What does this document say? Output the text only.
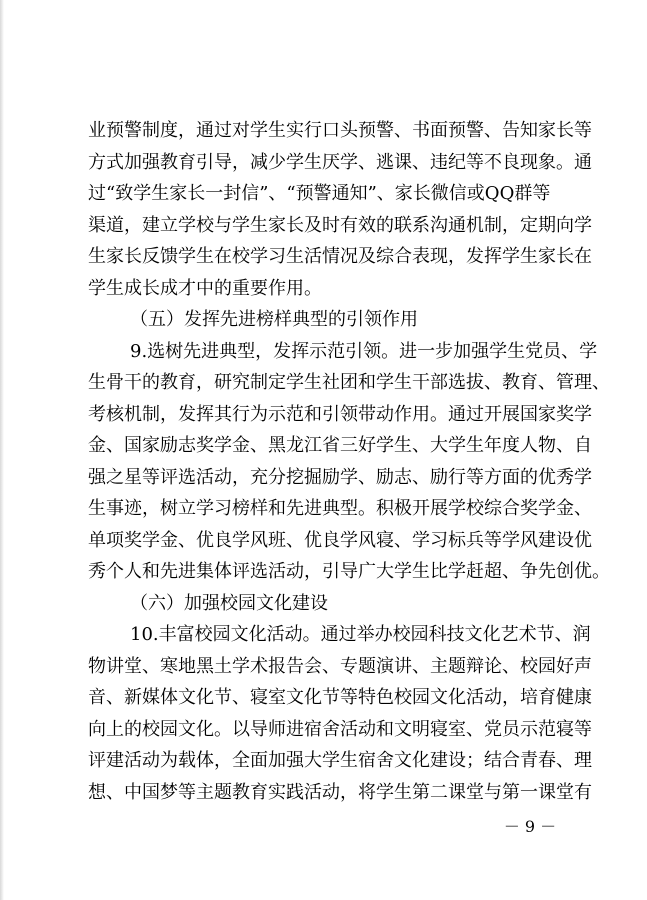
业预警制度，通过对学生实行口头预警、书面预警、告知家长等
方式加强教育引导，减少学生厌学、逃课、违纪等不良现象。通
过“致学生家长一封信”、“预警通知”、家长微信或QQ群等
渠道，建立学校与学生家长及时有效的联系沟通机制，定期向学
生家长反馈学生在校学习生活情况及综合表现，发挥学生家长在
学生成长成才中的重要作用。
（五）发挥先进榜样典型的引领作用
9.选树先进典型，发挥示范引领。进一步加强学生党员、学
生骨干的教育，研究制定学生社团和学生干部选拔、教育、管理、
考核机制，发挥其行为示范和引领带动作用。通过开展国家奖学
金、国家励志奖学金、黑龙江省三好学生、大学生年度人物、自
强之星等评选活动，充分挖掘励学、励志、励行等方面的优秀学
生事迹，树立学习榜样和先进典型。积极开展学校综合奖学金、
单项奖学金、优良学风班、优良学风寝、学习标兵等学风建设优
秀个人和先进集体评选活动，引导广大学生比学赶超、争先创优。
（六）加强校园文化建设
10.丰富校园文化活动。通过举办校园科技文化艺术节、润
物讲堂、寒地黑土学术报告会、专题演讲、主题辩论、校园好声
音、新媒体文化节、寝室文化节等特色校园文化活动，培育健康
向上的校园文化。以导师进宿舍活动和文明寝室、党员示范寝等
评建活动为载体，全面加强大学生宿舍文化建设；结合青春、理
想、中国梦等主题教育实践活动，将学生第二课堂与第一课堂有
－ 9 －
